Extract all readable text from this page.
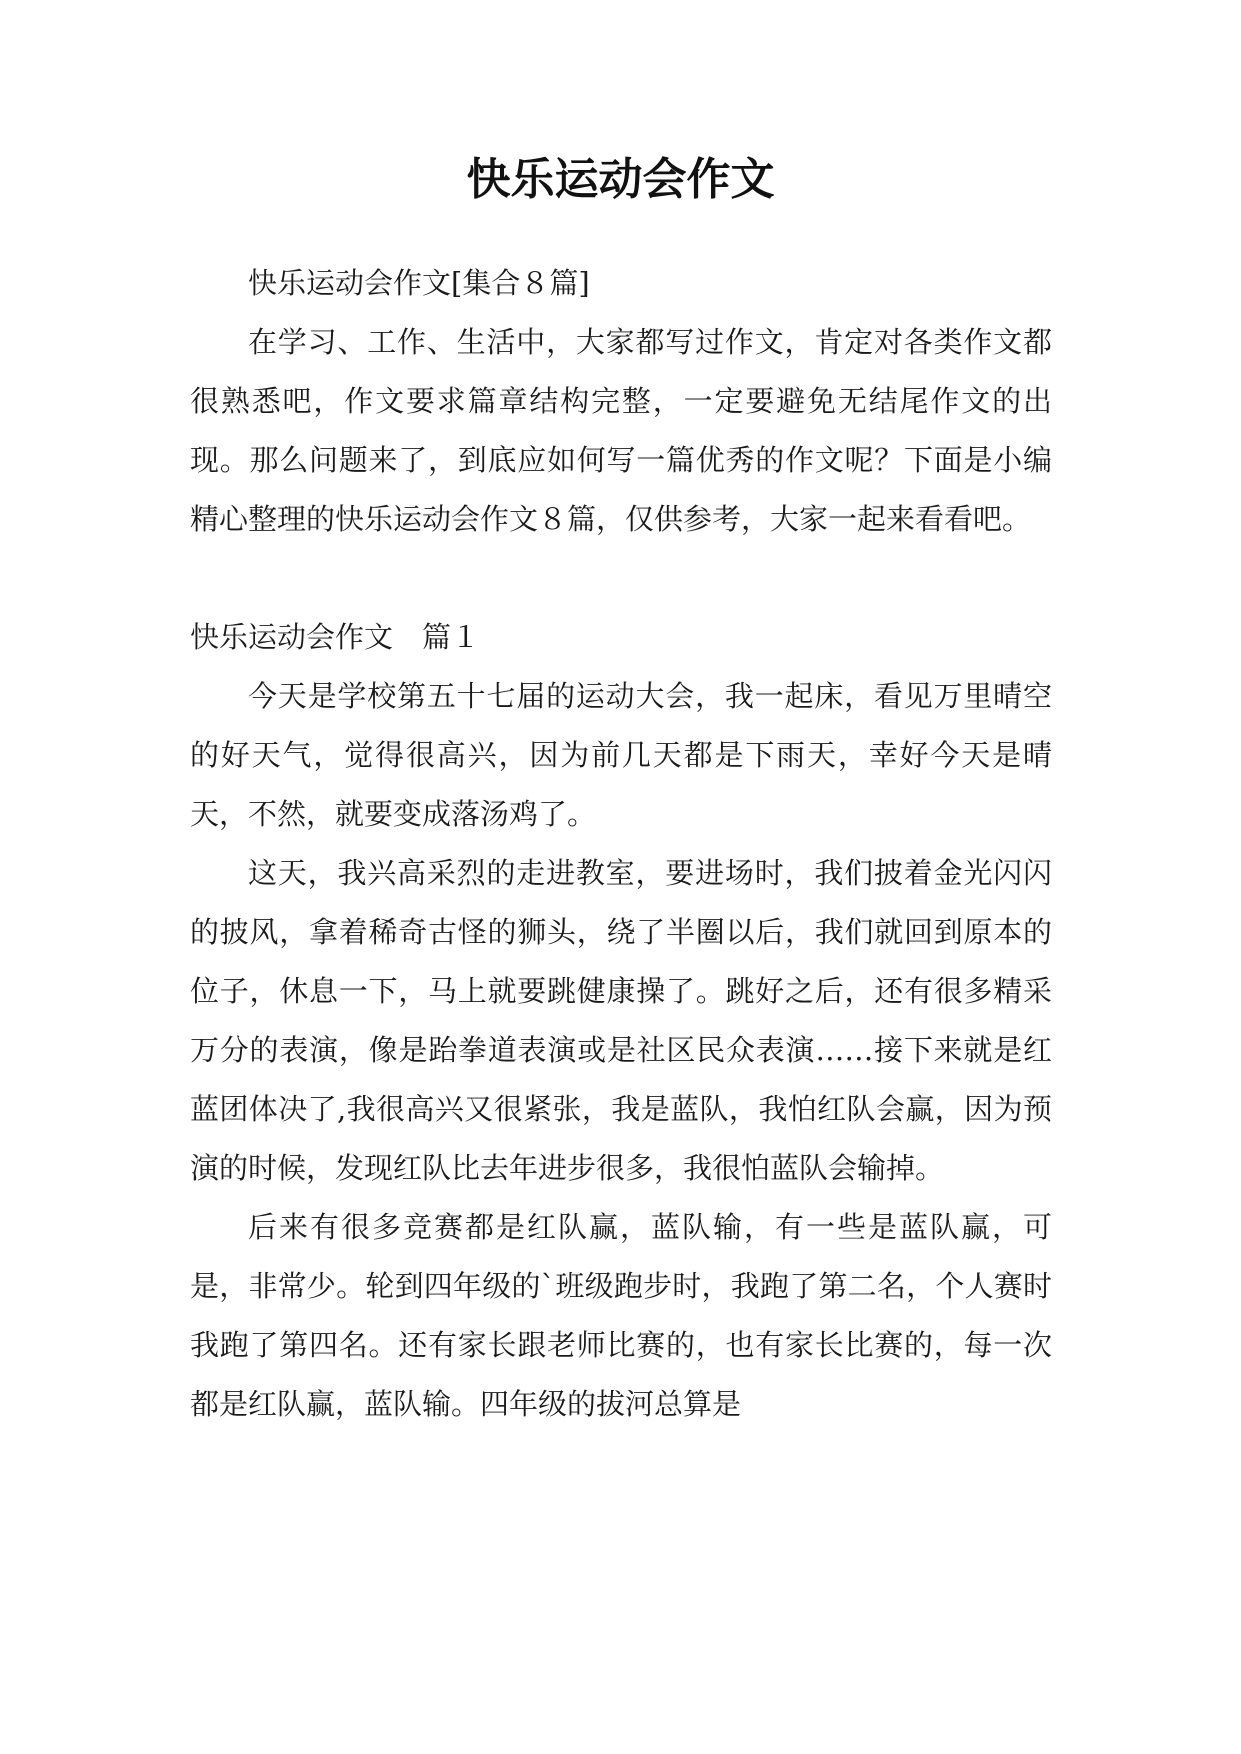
快乐运动会作文

快乐运动会作文[集合８篇]

在学习、工作、生活中，大家都写过作文，肯定对各类作文都很熟悉吧，作文要求篇章结构完整，一定要避免无结尾作文的出现。那么问题来了，到底应如何写一篇优秀的作文呢？下面是小编精心整理的快乐运动会作文８篇，仅供参考，大家一起来看看吧。

快乐运动会作文　篇１

今天是学校第五十七届的运动大会，我一起床，看见万里晴空的好天气，觉得很高兴，因为前几天都是下雨天，幸好今天是晴天，不然，就要变成落汤鸡了。

这天，我兴高采烈的走进教室，要进场时，我们披着金光闪闪的披风，拿着稀奇古怪的狮头，绕了半圈以后，我们就回到原本的位子，休息一下，马上就要跳健康操了。跳好之后，还有很多精采万分的表演，像是跆拳道表演或是社区民众表演……接下来就是红蓝团体决了,我很高兴又很紧张，我是蓝队，我怕红队会赢，因为预演的时候，发现红队比去年进步很多，我很怕蓝队会输掉。

后来有很多竞赛都是红队赢，蓝队输，有一些是蓝队赢，可是，非常少。轮到四年级的`班级跑步时，我跑了第二名，个人赛时我跑了第四名。还有家长跟老师比赛的，也有家长比赛的，每一次都是红队赢，蓝队输。四年级的拔河总算是
